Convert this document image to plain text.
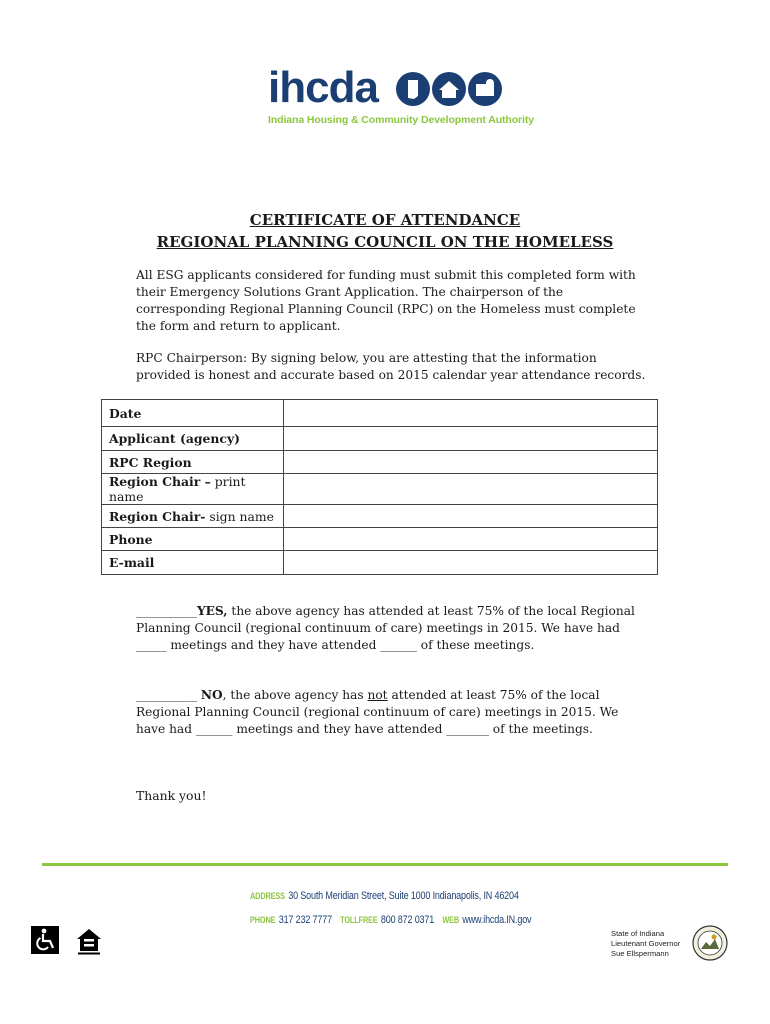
ihcda
Indiana Housing & Community Development Authority
CERTIFICATE OF ATTENDANCE
REGIONAL PLANNING COUNCIL ON THE HOMELESS

All ESG applicants considered for funding must submit this completed form with their Emergency Solutions Grant Application. The chairperson of the corresponding Regional Planning Council (RPC) on the Homeless must complete the form and return to applicant.

RPC Chairperson: By signing below, you are attesting that the information provided is honest and accurate based on 2015 calendar year attendance records.

Date	
Applicant (agency)	
RPC Region	
Region Chair – print name	
Region Chair- sign name	
Phone	
E-mail	

__________YES, the above agency has attended at least 75% of the local Regional Planning Council (regional continuum of care) meetings in 2015. We have had _____ meetings and they have attended ______ of these meetings.

__________ NO, the above agency has not attended at least 75% of the local Regional Planning Council (regional continuum of care) meetings in 2015. We have had ______ meetings and they have attended _______ of the meetings.

Thank you!
ADDRESS 30 South Meridian Street, Suite 1000 Indianapolis, IN 46204
PHONE 317 232 7777 TOLLFREE 800 872 0371 WEB www.ihcda.IN.gov
State of Indiana
Lieutenant Governor
Sue Ellspermann
